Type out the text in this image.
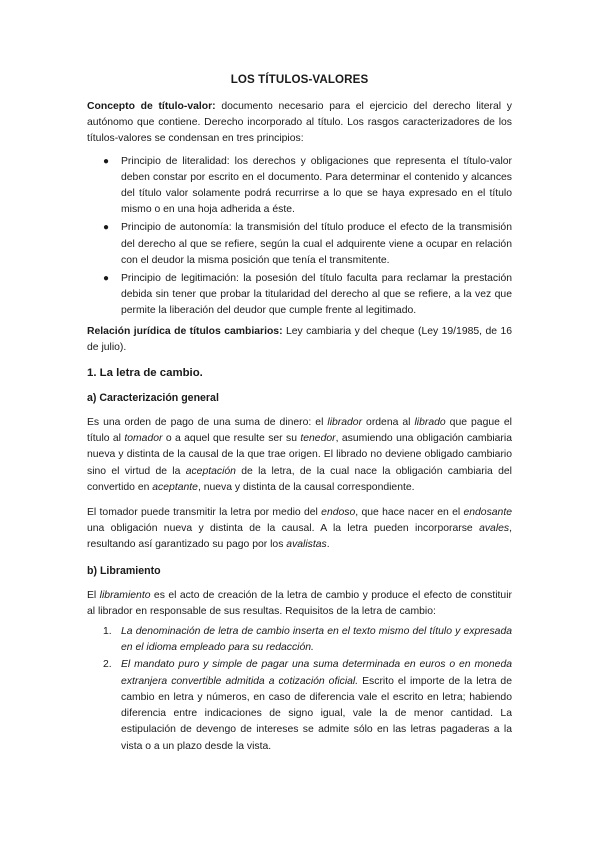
LOS TÍTULOS-VALORES

Concepto de título-valor: documento necesario para el ejercicio del derecho literal y autónomo que contiene. Derecho incorporado al título. Los rasgos caracterizadores de los títulos-valores se condensan en tres principios:

● Principio de literalidad: los derechos y obligaciones que representa el título-valor deben constar por escrito en el documento. Para determinar el contenido y alcances del título valor solamente podrá recurrirse a lo que se haya expresado en el título mismo o en una hoja adherida a éste.
● Principio de autonomía: la transmisión del título produce el efecto de la transmisión del derecho al que se refiere, según la cual el adquirente viene a ocupar en relación con el deudor la misma posición que tenía el transmitente.
● Principio de legitimación: la posesión del título faculta para reclamar la prestación debida sin tener que probar la titularidad del derecho al que se refiere, a la vez que permite la liberación del deudor que cumple frente al legitimado.

Relación jurídica de títulos cambiarios: Ley cambiaria y del cheque (Ley 19/1985, de 16 de julio).

1. La letra de cambio.
a) Caracterización general

Es una orden de pago de una suma de dinero: el librador ordena al librado que pague el título al tomador o a aquel que resulte ser su tenedor, asumiendo una obligación cambiaria nueva y distinta de la causal de la que trae origen. El librado no deviene obligado cambiario sino el virtud de la aceptación de la letra, de la cual nace la obligación cambiaria del convertido en aceptante, nueva y distinta de la causal correspondiente.

El tomador puede transmitir la letra por medio del endoso, que hace nacer en el endosante una obligación nueva y distinta de la causal. A la letra pueden incorporarse avales, resultando así garantizado su pago por los avalistas.

b) Libramiento

El libramiento es el acto de creación de la letra de cambio y produce el efecto de constituir al librador en responsable de sus resultas. Requisitos de la letra de cambio:

1. La denominación de letra de cambio inserta en el texto mismo del título y expresada en el idioma empleado para su redacción.
2. El mandato puro y simple de pagar una suma determinada en euros o en moneda extranjera convertible admitida a cotización oficial. Escrito el importe de la letra de cambio en letra y números, en caso de diferencia vale el escrito en letra; habiendo diferencia entre indicaciones de signo igual, vale la de menor cantidad. La estipulación de devengo de intereses se admite sólo en las letras pagaderas a la vista o a un plazo desde la vista.
